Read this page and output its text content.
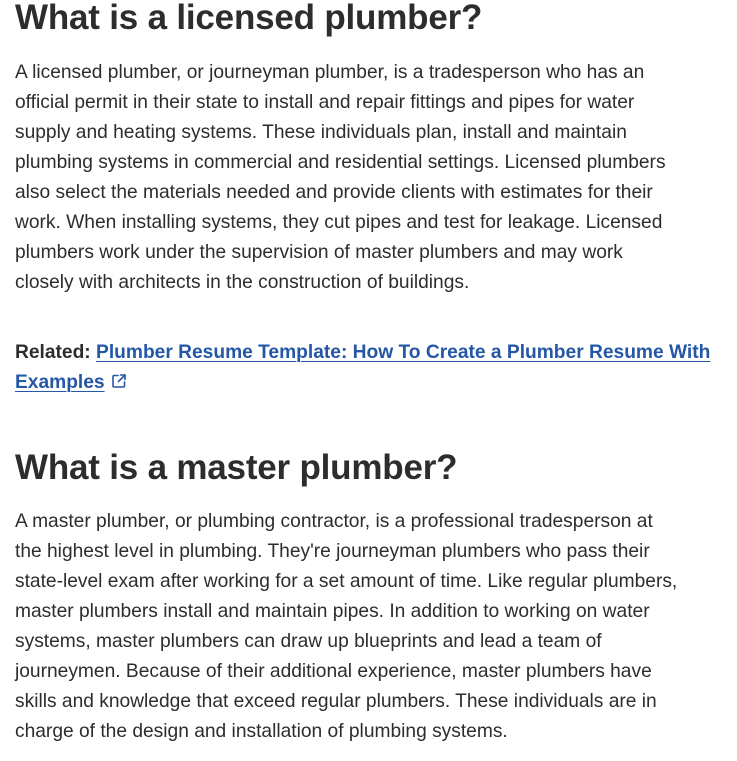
What is a licensed plumber?

A licensed plumber, or journeyman plumber, is a tradesperson who has an
official permit in their state to install and repair fittings and pipes for water
supply and heating systems. These individuals plan, install and maintain
plumbing systems in commercial and residential settings. Licensed plumbers
also select the materials needed and provide clients with estimates for their
work. When installing systems, they cut pipes and test for leakage. Licensed
plumbers work under the supervision of master plumbers and may work
closely with architects in the construction of buildings.

Related: Plumber Resume Template: How To Create a Plumber Resume With
Examples

What is a master plumber?

A master plumber, or plumbing contractor, is a professional tradesperson at
the highest level in plumbing. They're journeyman plumbers who pass their
state-level exam after working for a set amount of time. Like regular plumbers,
master plumbers install and maintain pipes. In addition to working on water
systems, master plumbers can draw up blueprints and lead a team of
journeymen. Because of their additional experience, master plumbers have
skills and knowledge that exceed regular plumbers. These individuals are in
charge of the design and installation of plumbing systems.
